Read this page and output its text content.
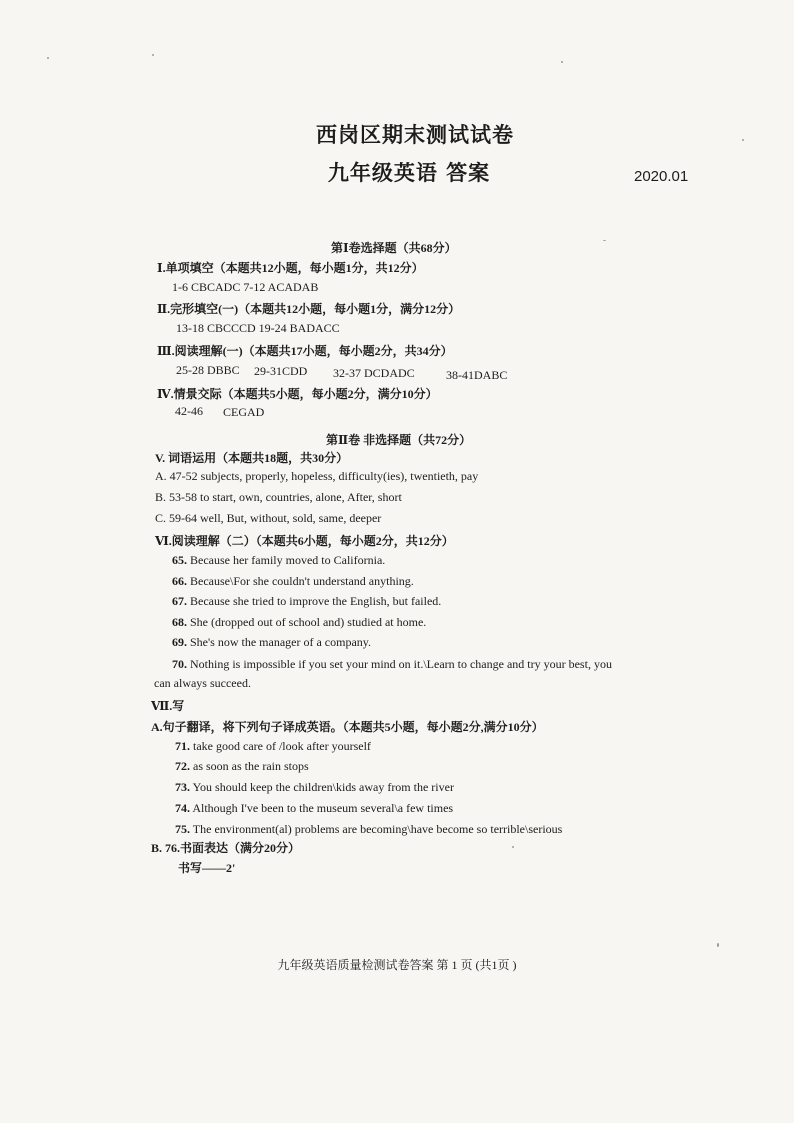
西岗区期末测试试卷
九年级英语 答案	2020.01
第Ⅰ卷选择题（共68分）
Ⅰ.单项填空（本题共12小题，每小题1分，共12分）
1-6 CBCADC 7-12 ACADAB
Ⅱ.完形填空(一)（本题共12小题，每小题1分，满分12分）
13-18 CBCCCD 19-24 BADACC
Ⅲ.阅读理解(一)（本题共17小题，每小题2分，共34分）
25-28 DBBC 29-31CDD 32-37 DCDADC	38-41DABC
Ⅳ.情景交际（本题共5小题，每小题2分，满分10分）
42-46 CEGAD
第Ⅱ卷 非选择题（共72分）
V. 词语运用（本题共18题，共30分）
A. 47-52 subjects, properly, hopeless, difficulty(ies), twentieth, pay
B. 53-58 to start, own, countries, alone, After, short
C. 59-64 well, But, without, sold, same, deeper
Ⅵ.阅读理解（二）（本题共6小题，每小题2分，共12分）
65. Because her family moved to California.
66. Because\For she couldn't understand anything.
67. Because she tried to improve the English, but failed.
68. She (dropped out of school and) studied at home.
69. She's now the manager of a company.
70. Nothing is impossible if you set your mind on it.\Learn to change and try your best, you
can always succeed.
Ⅶ.写
A.句子翻译，将下列句子译成英语。（本题共5小题，每小题2分,满分10分）
71. take good care of /look after yourself
72. as soon as the rain stops
73. You should keep the children\kids away from the river
74. Although I've been to the museum several\a few times
75. The environment(al) problems are becoming\have become so terrible\serious
B. 76.书面表达（满分20分）
书写——2'
九年级英语质量检测试卷答案 第 1 页 (共1页 )
